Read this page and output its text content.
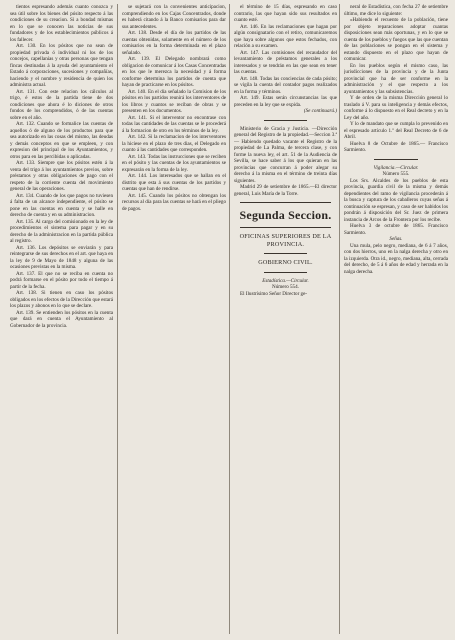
tientos espresando además cuanto conozca y sea útil sobre los bienes del pósito respecto á las condiciones de su creacion. Si a bondad mismas en lo que se conocen las noticias de sus fundadores y de los establecimientos públicos á los fallecer.

Art. 130. En los pósitos que no sean de propiedad privada ó individual ni los de los concejos, capellanías y otras personas que tengan fincas destinadas á la ayuda del ayuntamiento el Estado á corporaciones, sucesiones y compañías, haciendo y el nombre y residencia de quien los administra actual.

Art. 131. Con este relacion los cálculos al trigo, é estos de la partida tiene de dos condiciones que ahora é lo diciones de otros fondos de los comprendidos, ó de las cuentas sobre en el año.

Art. 132. Cuando se formalice las cuentas de aquellos ó de alguno de los productos para que sea autorizado en las cosas del mismo, las deudas y demás conceptos en que se empleen, y con expresion del principal de los Ayuntamientos, y otros para en las percibidas o aplicadas.

Art. 133. Siempre que los pósitos estén á la venta del trigo á los ayuntamientos previos, sobre préstamos y otras obligaciones de pago con el respeto de la corriente cuenta del movimiento general de las operaciones.

Art. 134. Cuando de los que pagos no tuviesen á falta de un alcance independiente, el pósito se pone en las cuentas en cuenta y se halle en derecho de cuenta y en su administracion.

Art. 135. Al cargo del comisionado en la ley de procedimientos el sistema para pagar y en su derecho de la administracion en la partida pública al registro.

Art. 136. Los depósitos se enviarán y para reintegrarse de sus derechos en el art. que haya en la ley de 9 de Mayo de 1848 y alguna de las ocasiones previstas en la misma.

Art. 137. El que no se reciba en cuenta no podrá formarse en el pósito por todo el tiempo á partir de la fecha.

Art. 138. Si tienen en caso los pósitos obligados en los efectos de la Dirección que estará los plazos y abonos en lo que se declare.

Art. 139. Se entienden los pósitos en la cuenta que dará en cuenta el Ayuntamiento al Gobernador de la provincia.

se sujetará con la convenientes anticipacion, comprendiendo en los Cajas Concentrados, donde es haberá citando á la Banco comisarios para dar sus antecedentes.

Art. 138. Desde el día de los partidos de las cuentas obtenidas, solamente en el número de los comisarios en la forma determinada en el plazo señalado.

Art. 139. El Delegado nombrará como obligacion de comunicar á los Casas Concentradas en los que le merezca la necesidad y á forma conforme determina los partidos de cuenta que hayan de practicarse en los pósitos.

Art. 140. En el día señalado la Comision de los pósitos en los partidos reunirá los interventores de los libros y cuantos se reciban de obras y se presenten en los documentos.

Art. 141. Si el interventor no encontrase con todas las cantidades de las cuentas se le procederá á la formacion de otro en los términos de la ley.

Art. 142. Si la reclamacion de los interventores la hiciese en el plazo de tres dias, el Delegado en cuanto á las cantidades que corresponden.

Art. 143. Todas las instrucciones que se reciben en el pósito y las cuentas de los ayuntamientos se expresarán en la forma de la ley.

Art. 144. Los interesados que se hallan en el distrito que esta á sus cuentas de los partidos y cuentas que han de rendirse.

Art. 145. Cuando los pósitos no obtengan los recursos al día para las cuentas se hará en el pliego de pagos.

el término de 15 días, espresando en caso contrario, las que hayan sido sus resultados en cuanto esté.

Art. 146. En las reclamaciones que hagan por algún consignatario con el retiro, comunicaremos que haya sobre algunos que estos fechados, con relación a su examen.

Art. 147. Las comisiones del recaudador del levantamiento de préstamos generales a los interesados y se tendrán en las que sean en tener las cuentas.

Art. 148. Todas las conciencias de cada pósito; se vigila la cuenta del contador pagos realizados en la forma y términos.

Art. 149. Estas serán circunstancias las que preceden en la ley que se expida.

(Se continuará.)

Ministerio de Gracia y Justicia. —Dirección general del Registro de la propiedad.—Seccion 3.ª— Habiendo quedado vacante el Registro de la propiedad de La Palma, de tercera clase, y con forme la nueva ley, el art. 51 de la Audiencia de Sevilla, se hace saber á los que quieran en las provincias que concurran á poder alegar su derecho á la misma en el término de treinta días siguientes.

Madrid 29 de setiembre de 1865.—El director general, Luis María de la Torre.

Segunda Seccion.

OFICINAS SUPERIORES DE LA PROVINCIA.

GOBIERNO CIVIL.

Estadística.—Circular.

Número 554.

El Ilustrísimo Señor Director ge-

neral de Estadística, con fecha 27 de setiembre último, me dice lo siguiente:

«Habiendo el recuento de la población, tiene por objeto reparaciones adoptar cuantas disposiciones sean más oportunas, y en lo que se cuenta de los pueblos y fuegos que las que cuentan de las poblaciones se pongan en el sistema y estando dispuesto en el plazo que hayan de comunicar.

En los pueblos según el mismo caso, las jurisdicciones de la provincia y de la Junta provincial que ha de ser conforme en la administración y el que respecto a los ayuntamientos y las subsistencias.

Y de orden de la misma Dirección general lo traslado á V. para su inteligencia y demás efectos, conforme á lo dispuesto en el Real decreto y en la Ley del año.

Y lo de mandato que se cumpla lo prevenido en el espresado artículo 1.º del Real Decreto de 6 de Abril.

Huelva 8 de Octubre de 1865.— Francisco Sarmiento.

Vigilancia.—Circular.

Número 555.

Los Srs. Alcaldes de los pueblos de esta provincia, guardia civil de la misma y demás dependientes del ramo de vigilancia procederán á la busca y captura de los caballeros cuyas señas á continuación se espresan, y caso de ser habidos los pondrán á disposición del Sr. Juez de primera instancia de Arcos de la Frontera por los recibe.

Huelva 3 de octubre de 1865. Francisco Sarmiento.

Señas.

Una mula, pelo negro, mediana, de 6 á 7 años, con dos hierros, uno en la nalga derecha y otro en la izquierda. Otra id., negro, mediana, alta, cerrada del derecho, de 5 á 6 años de edad y herrada en la nalga derecha.
